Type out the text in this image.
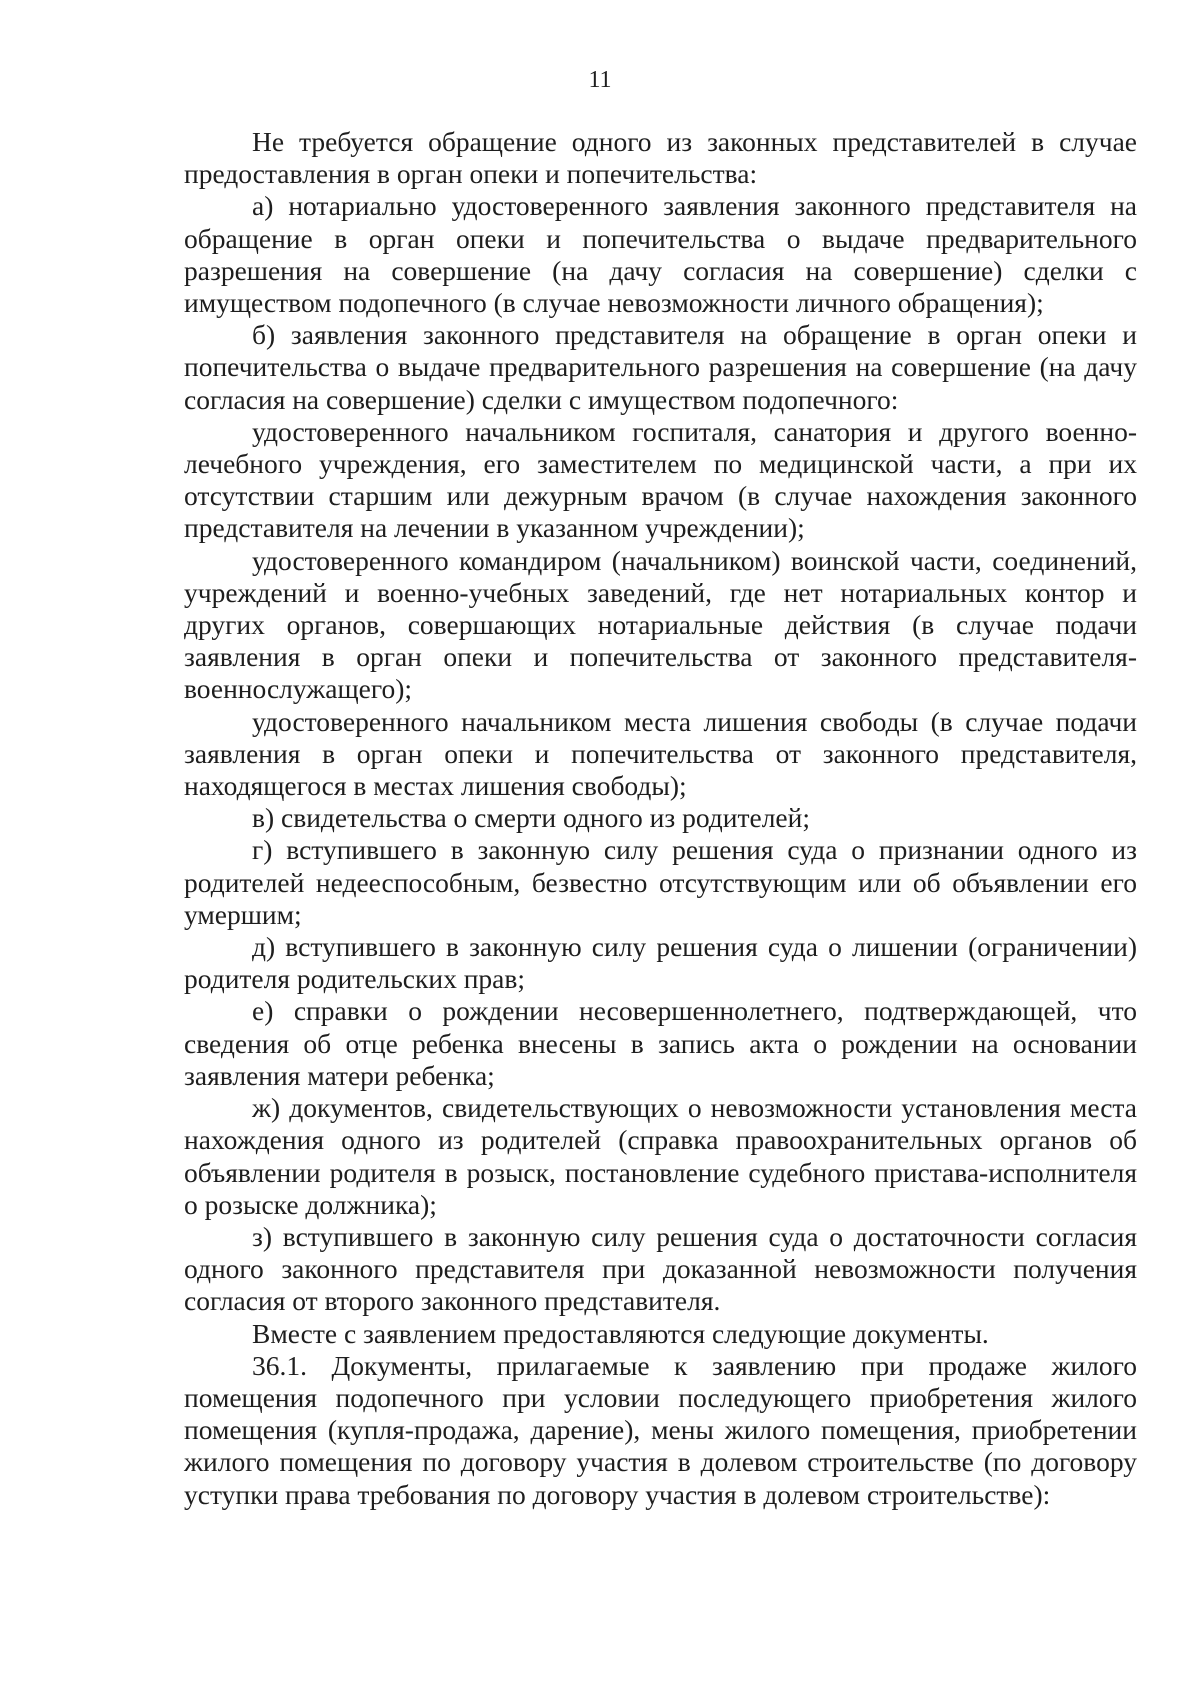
11

Не требуется обращение одного из законных представителей в случае предоставления в орган опеки и попечительства:

а) нотариально удостоверенного заявления законного представителя на обращение в орган опеки и попечительства о выдаче предварительного разрешения на совершение (на дачу согласия на совершение) сделки с имуществом подопечного (в случае невозможности личного обращения);

б) заявления законного представителя на обращение в орган опеки и попечительства о выдаче предварительного разрешения на совершение (на дачу согласия на совершение) сделки с имуществом подопечного:

удостоверенного начальником госпиталя, санатория и другого военно-лечебного учреждения, его заместителем по медицинской части, а при их отсутствии старшим или дежурным врачом (в случае нахождения законного представителя на лечении в указанном учреждении);

удостоверенного командиром (начальником) воинской части, соединений, учреждений и военно-учебных заведений, где нет нотариальных контор и других органов, совершающих нотариальные действия (в случае подачи заявления в орган опеки и попечительства от законного представителя-военнослужащего);

удостоверенного начальником места лишения свободы (в случае подачи заявления в орган опеки и попечительства от законного представителя, находящегося в местах лишения свободы);

в) свидетельства о смерти одного из родителей;

г) вступившего в законную силу решения суда о признании одного из родителей недееспособным, безвестно отсутствующим или об объявлении его умершим;

д) вступившего в законную силу решения суда о лишении (ограничении) родителя родительских прав;

е) справки о рождении несовершеннолетнего, подтверждающей, что сведения об отце ребенка внесены в запись акта о рождении на основании заявления матери ребенка;

ж) документов, свидетельствующих о невозможности установления места нахождения одного из родителей (справка правоохранительных органов об объявлении родителя в розыск, постановление судебного пристава-исполнителя о розыске должника);

з) вступившего в законную силу решения суда о достаточности согласия одного законного представителя при доказанной невозможности получения согласия от второго законного представителя.

Вместе с заявлением предоставляются следующие документы.

36.1. Документы, прилагаемые к заявлению при продаже жилого помещения подопечного при условии последующего приобретения жилого помещения (купля-продажа, дарение), мены жилого помещения, приобретении жилого помещения по договору участия в долевом строительстве (по договору уступки права требования по договору участия в долевом строительстве):
